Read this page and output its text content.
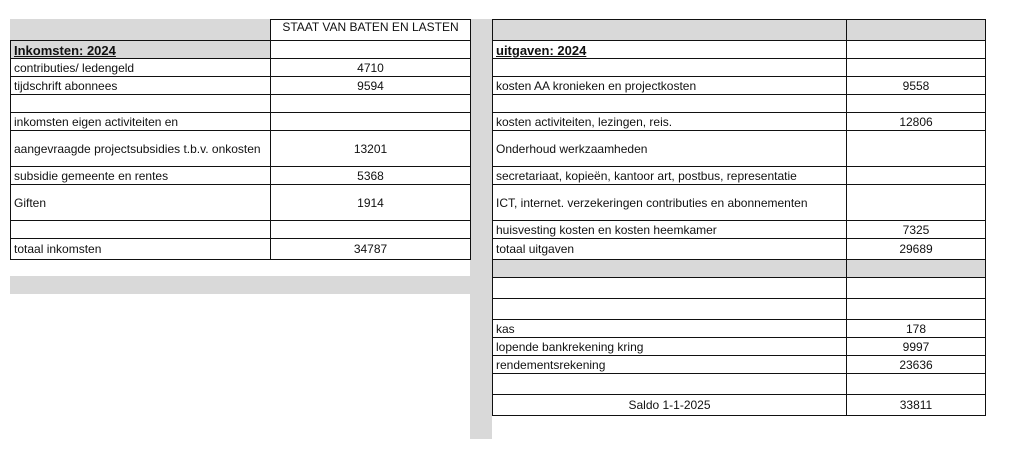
	STAAT VAN BATEN EN LASTEN
Inkomsten: 2024	
contributies/ ledengeld	4710
tijdschrift abonnees	9594

inkomsten eigen activiteiten en	
aangevraagde projectsubsidies t.b.v. onkosten	13201
subsidie gemeente en rentes	5368
Giften	1914

totaal inkomsten	34787

uitgaven: 2024	

kosten AA kronieken en projectkosten	9558

kosten activiteiten, lezingen, reis.	12806
Onderhoud werkzaamheden	
secretariaat, kopieën, kantoor art, postbus, representatie	
ICT, internet. verzekeringen contributies en abonnementen	
huisvesting kosten en kosten heemkamer	7325
totaal uitgaven	29689

kas	178
lopende bankrekening kring	9997
rendementsrekening	23636

Saldo 1-1-2025	33811
